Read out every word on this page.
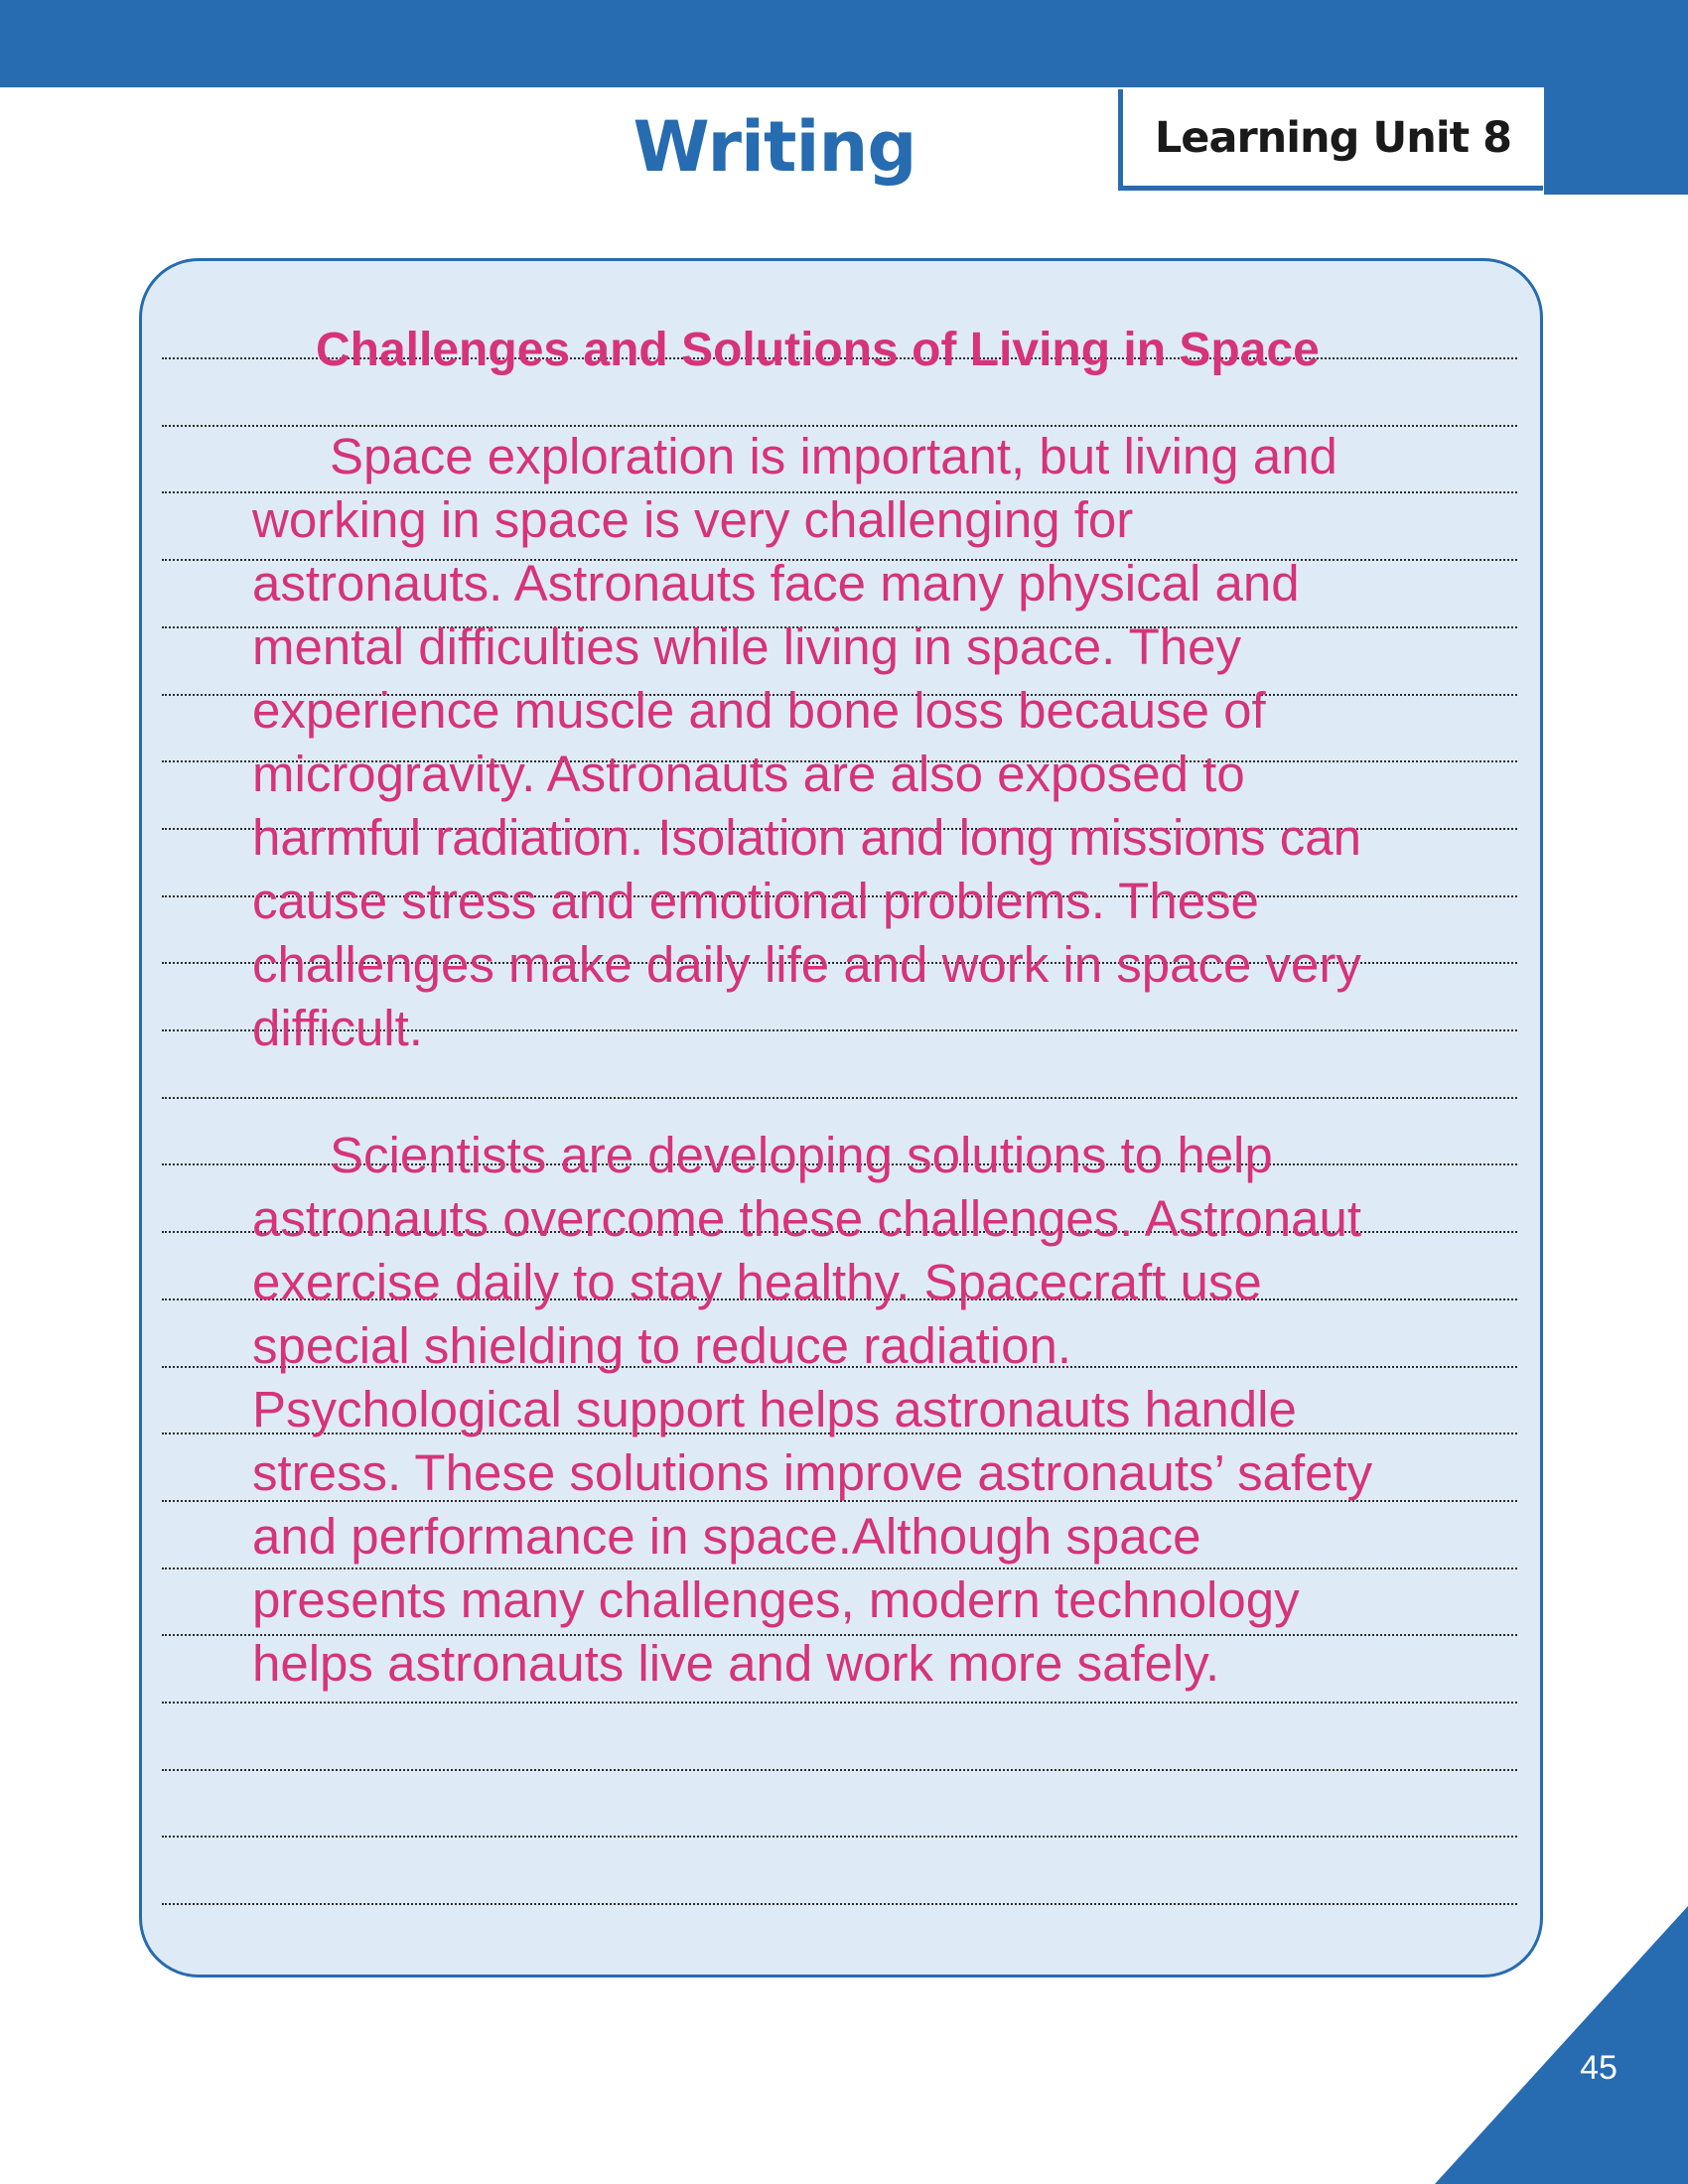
Writing	Learning Unit 8
Challenges and Solutions of Living in Space
Space exploration is important, but living and
working in space is very challenging for
astronauts. Astronauts face many physical and
mental difficulties while living in space. They
experience muscle and bone loss because of
microgravity. Astronauts are also exposed to
harmful radiation. Isolation and long missions can
cause stress and emotional problems. These
challenges make daily life and work in space very
difficult.
Scientists are developing solutions to help
astronauts overcome these challenges. Astronaut
exercise daily to stay healthy. Spacecraft use
special shielding to reduce radiation.
Psychological support helps astronauts handle
stress. These solutions improve astronauts’ safety
and performance in space.Although space
presents many challenges, modern technology
helps astronauts live and work more safely.
45
